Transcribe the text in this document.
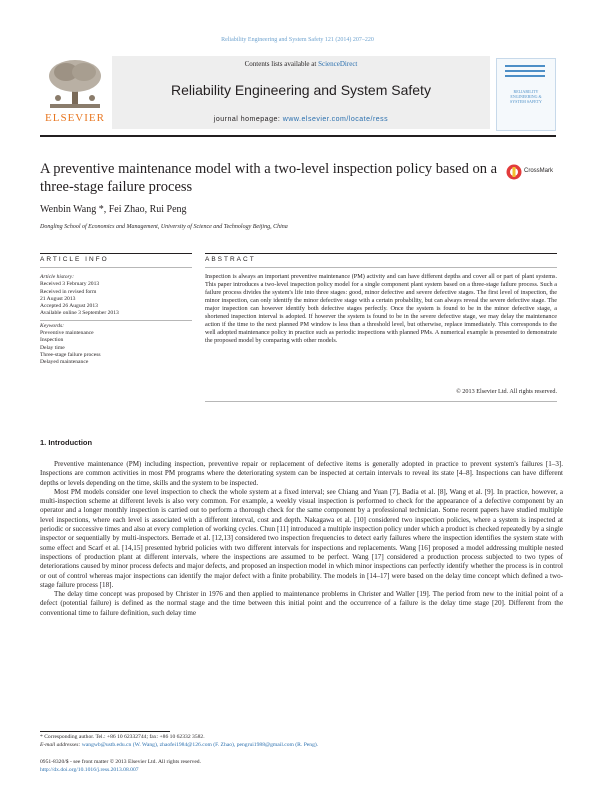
Reliability Engineering and System Safety 121 (2014) 207–220
ELSEVIER
Contents lists available at ScienceDirect
Reliability Engineering and System Safety
journal homepage: www.elsevier.com/locate/ress
RELIABILITY ENGINEERING & SYSTEM SAFETY
A preventive maintenance model with a two-level inspection policy based on a three-stage failure process
CrossMark
Wenbin Wang *, Fei Zhao, Rui Peng
Dongling School of Economics and Management, University of Science and Technology Beijing, China
ARTICLE INFO	ABSTRACT
Article history:
Received 3 February 2013
Received in revised form
21 August 2013
Accepted 26 August 2013
Available online 3 September 2013
Keywords:
Preventive maintenance
Inspection
Delay time
Three-stage failure process
Delayed maintenance
Inspection is always an important preventive maintenance (PM) activity and can have different depths and cover all or part of plant systems. This paper introduces a two-level inspection policy model for a single component plant system based on a three-stage failure process. Such a failure process divides the system's life into three stages: good, minor defective and severe defective stages. The first level of inspection, the minor inspection, can only identify the minor defective stage with a certain probability, but can always reveal the severe defective stage. The major inspection can however identify both defective stages perfectly. Once the system is found to be in the minor defective stage, a shortened inspection interval is adopted. If however the system is found to be in the severe defective stage, we may delay the maintenance action if the time to the next planned PM window is less than a threshold level, but otherwise, replace immediately. This corresponds to the well adopted maintenance policy in practice such as periodic inspections with planned PMs. A numerical example is presented to demonstrate the proposed model by comparing with other models.
© 2013 Elsevier Ltd. All rights reserved.
1. Introduction

Preventive maintenance (PM) including inspection, preventive repair or replacement of defective items is generally adopted in practice to prevent system's failures [1–3]. Inspections are common activities in most PM programs where the deteriorating system can be inspected at certain intervals to reveal its state [4–8]. Inspections can have different depths or levels depending on the time, skills and the system to be inspected.

Most PM models consider one level inspection to check the whole system at a fixed interval; see Chiang and Yuan [7], Badia et al. [8], Wang et al. [9]. In practice, however, a multi-inspection scheme at different levels is also very common. For example, a weekly visual inspection is performed to check for the appearance of a defective component by an operator and a longer monthly inspection is carried out to perform a thorough check for the same component by a professional technician. Some recent papers have studied multiple level inspections, where each level is associated with a different interval, cost and depth. Nakagawa et al. [10] considered two inspection policies, where a system is inspected at periodic or successive times and also at every completion of working cycles. Chun [11] introduced a multiple inspection policy under which a product is checked repeatedly by a single inspector or sequentially by multi-inspectors. Berrade et al. [12,13] considered two inspection frequencies to detect early failures where the inspection identifies the system state with some effect and Scarf et al. [14,15] presented hybrid policies with two different intervals for inspections and replacements. Wang [16] proposed a model addressing multiple nested inspections of production plant at different intervals, where the inspections are assumed to be perfect. Wang [17] considered a production process subjected to two types of deteriorations caused by minor process defects and major defects, and proposed an inspection model in which minor inspections can perfectly identify whether the process is in control or out of control whereas major inspections can identify the major defect with a finite probability. The models in [14–17] were based on the delay time concept which defined a two-stage failure process [18].

The delay time concept was proposed by Christer in 1976 and then applied to maintenance problems in Christer and Waller [19]. The period from new to the initial point of a defect (potential failure) is defined as the normal stage and the time between this initial point and the occurrence of a failure is the delay time stage [20]. Different from the conventional time to failure definition, such delay time

* Corresponding author. Tel.: +86 10 62332744; fax: +86 10 62332 3582.
E-mail addresses: wangwb@ustb.edu.cn (W. Wang), zhaofei1984@126.com (F. Zhao), pengrui1988@gmail.com (R. Peng).
0951-8320/$ - see front matter © 2013 Elsevier Ltd. All rights reserved.
http://dx.doi.org/10.1016/j.ress.2013.08.007
